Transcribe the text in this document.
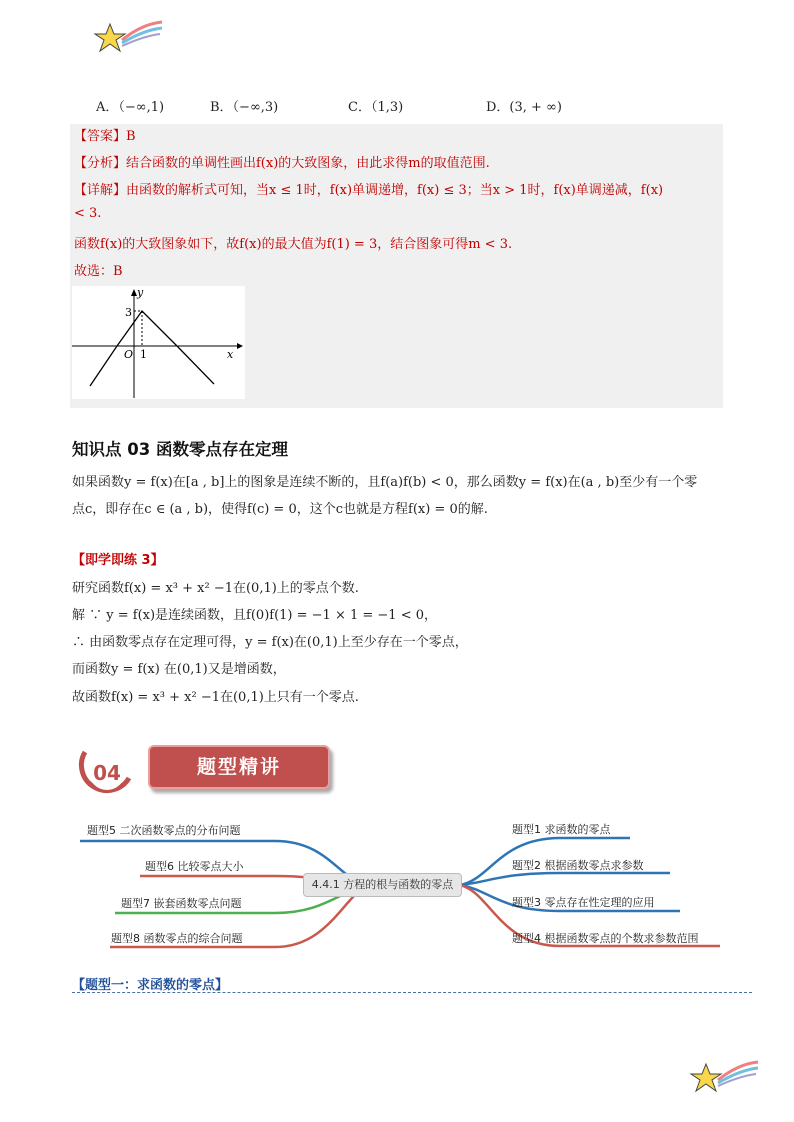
A．（−∞,1)	B．（−∞,3)	C．（1,3)	D．(3, + ∞)
【答案】B
【分析】结合函数的单调性画出f(x)的大致图象，由此求得m的取值范围.
【详解】由函数的解析式可知，当x ≤ 1时，f(x)单调递增，f(x) ≤ 3；当x > 1时，f(x)单调递减，f(x)
< 3.
函数f(x)的大致图象如下，故f(x)的最大值为f(1) = 3，结合图象可得m < 3.
故选：B
y
x
O 1
3
知识点 03 函数零点存在定理
如果函数y = f(x)在[a , b]上的图象是连续不断的，且f(a)f(b) < 0，那么函数y = f(x)在(a , b)至少有一个零
点c，即存在c ∈ (a , b)，使得f(c) = 0，这个c也就是方程f(x) = 0的解.
【即学即练 3】
研究函数f(x) = x³ + x² −1在(0,1)上的零点个数.
解 ∵ y = f(x)是连续函数，且f(0)f(1) = −1 × 1 = −1 < 0，
∴ 由函数零点存在定理可得，y = f(x)在(0,1)上至少存在一个零点，
而函数y = f(x) 在(0,1)又是增函数，
故函数f(x) = x³ + x² −1在(0,1)上只有一个零点.
04	题型精讲
4.4.1 方程的根与函数的零点
题型5 二次函数零点的分布问题
题型6 比较零点大小
题型7 嵌套函数零点问题
题型8 函数零点的综合问题
题型1 求函数的零点
题型2 根据函数零点求参数
题型3 零点存在性定理的应用
题型4 根据函数零点的个数求参数范围
【题型一：求函数的零点】
